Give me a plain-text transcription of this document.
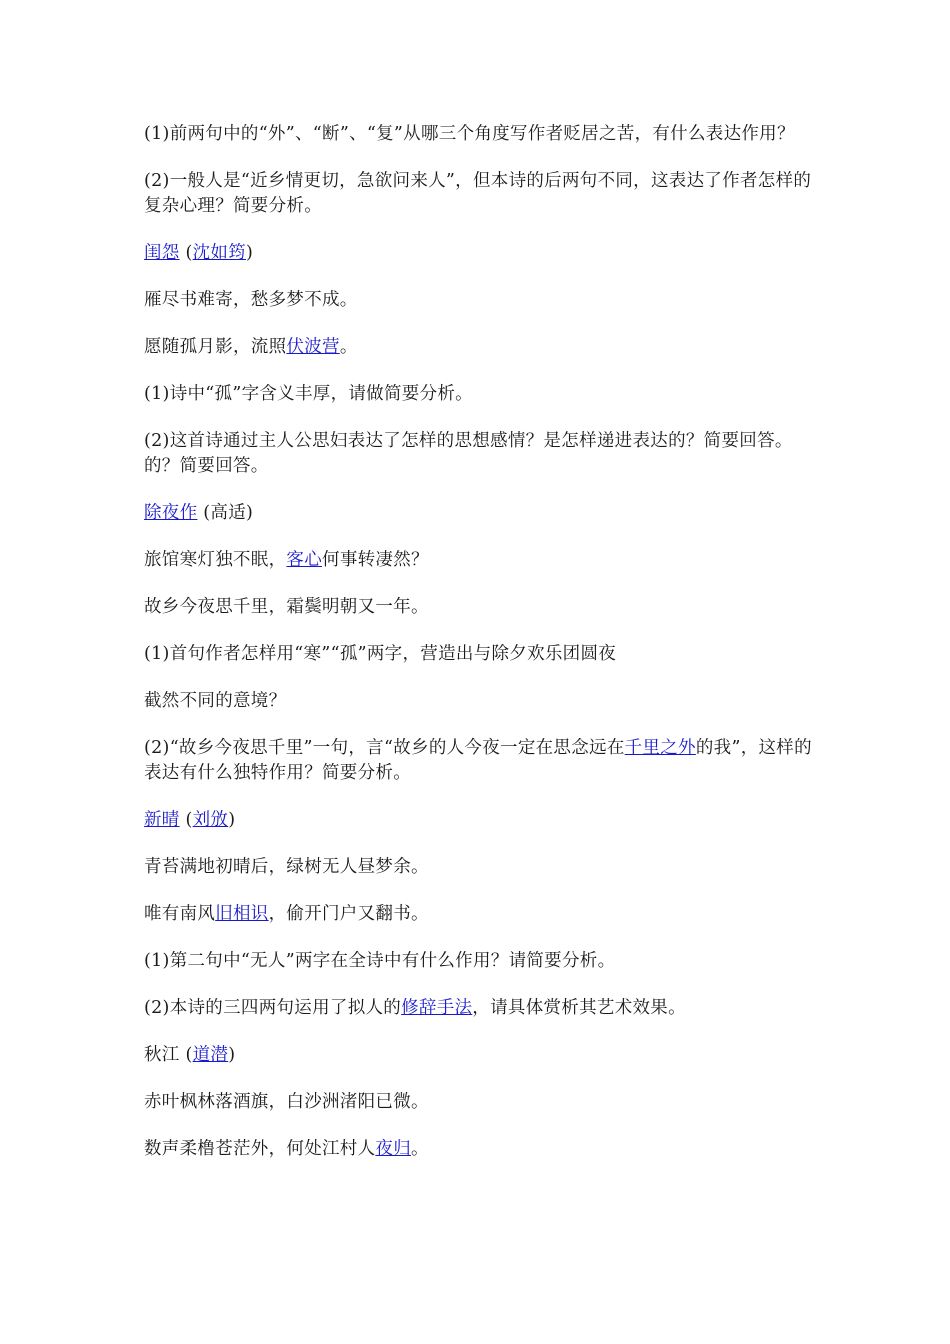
(1)前两句中的“外”、“断”、“复”从哪三个角度写作者贬居之苦，有什么表达作用？

(2)一般人是“近乡情更切，急欲问来人”，但本诗的后两句不同，这表达了作者怎样的复杂心理？简要分析。

闺怨 (沈如筠)

雁尽书难寄，愁多梦不成。

愿随孤月影，流照伏波营。

(1)诗中“孤”字含义丰厚，请做简要分析。

(2)这首诗通过主人公思妇表达了怎样的思想感情？是怎样递进表达的？简要回答。的？简要回答。

除夜作 (高适)

旅馆寒灯独不眠，客心何事转凄然？

故乡今夜思千里，霜鬓明朝又一年。

(1)首句作者怎样用“寒”“孤”两字，营造出与除夕欢乐团圆夜

截然不同的意境？

(2)“故乡今夜思千里”一句，言“故乡的人今夜一定在思念远在千里之外的我”，这样的表达有什么独特作用？简要分析。

新晴 (刘攽)

青苔满地初晴后，绿树无人昼梦余。

唯有南风旧相识，偷开门户又翻书。

(1)第二句中“无人”两字在全诗中有什么作用？请简要分析。

(2)本诗的三四两句运用了拟人的修辞手法，请具体赏析其艺术效果。

秋江 (道潜)

赤叶枫林落酒旗，白沙洲渚阳已微。

数声柔橹苍茫外，何处江村人夜归。
